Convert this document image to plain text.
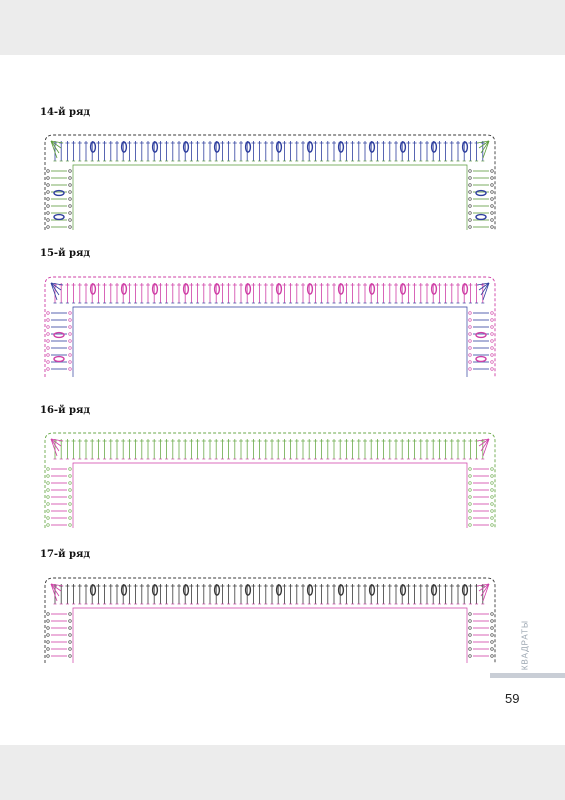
14-й ряд
15-й ряд
16-й ряд
17-й ряд
КВАДРАТЫ
59
